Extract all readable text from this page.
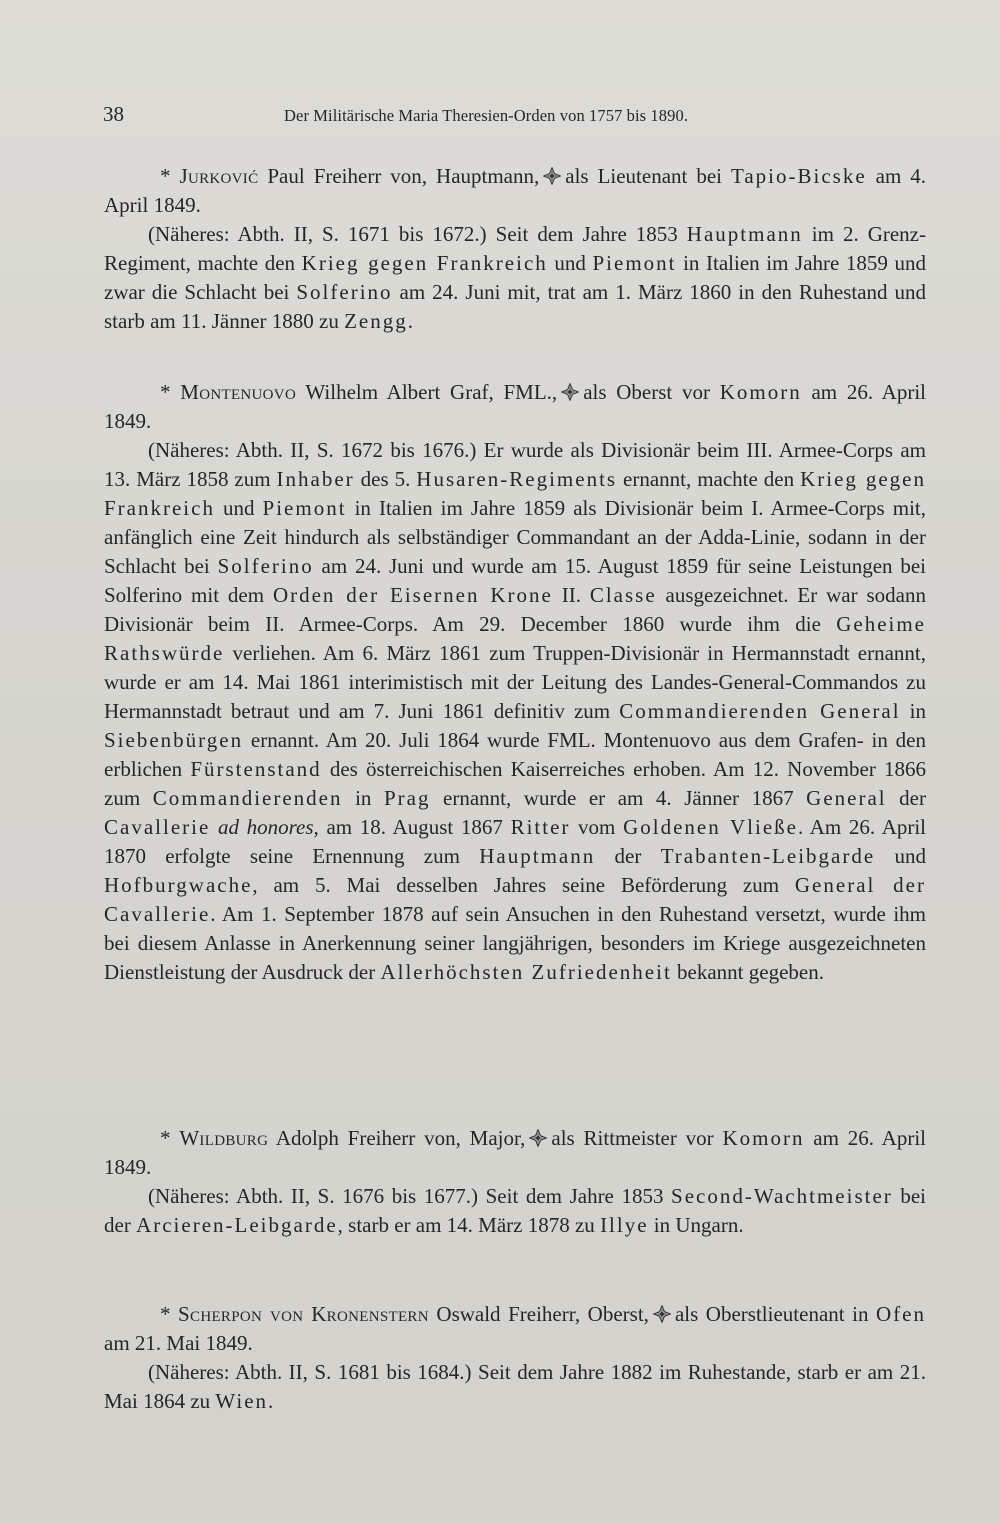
38	Der Militärische Maria Theresien-Orden von 1757 bis 1890.

* Jurković Paul Freiherr von, Hauptmann, als Lieutenant bei Tapio-Bicske am 4. April 1849.

(Näheres: Abth. II, S. 1671 bis 1672.) Seit dem Jahre 1853 Hauptmann im 2. Grenz-Regiment, machte den Krieg gegen Frankreich und Piemont in Italien im Jahre 1859 und zwar die Schlacht bei Solferino am 24. Juni mit, trat am 1. März 1860 in den Ruhestand und starb am 11. Jänner 1880 zu Zengg.

* Montenuovo Wilhelm Albert Graf, FML., als Oberst vor Komorn am 26. April 1849.

(Näheres: Abth. II, S. 1672 bis 1676.) Er wurde als Divisionär beim III. Armee-Corps am 13. März 1858 zum Inhaber des 5. Husaren-Regiments ernannt, machte den Krieg gegen Frankreich und Piemont in Italien im Jahre 1859 als Divisionär beim I. Armee-Corps mit, anfänglich eine Zeit hindurch als selbständiger Commandant an der Adda-Linie, sodann in der Schlacht bei Solferino am 24. Juni und wurde am 15. August 1859 für seine Leistungen bei Solferino mit dem Orden der Eisernen Krone II. Classe ausgezeichnet. Er war sodann Divisionär beim II. Armee-Corps. Am 29. December 1860 wurde ihm die Geheime Rathswürde verliehen. Am 6. März 1861 zum Truppen-Divisionär in Hermannstadt ernannt, wurde er am 14. Mai 1861 interimistisch mit der Leitung des Landes-General-Commandos zu Hermannstadt betraut und am 7. Juni 1861 definitiv zum Commandierenden General in Siebenbürgen ernannt. Am 20. Juli 1864 wurde FML. Montenuovo aus dem Grafen- in den erblichen Fürstenstand des österreichischen Kaiserreiches erhoben. Am 12. November 1866 zum Commandierenden in Prag ernannt, wurde er am 4. Jänner 1867 General der Cavallerie ad honores, am 18. August 1867 Ritter vom Goldenen Vließe. Am 26. April 1870 erfolgte seine Ernennung zum Hauptmann der Trabanten-Leibgarde und Hofburgwache, am 5. Mai desselben Jahres seine Beförderung zum General der Cavallerie. Am 1. September 1878 auf sein Ansuchen in den Ruhestand versetzt, wurde ihm bei diesem Anlasse in Anerkennung seiner langjährigen, besonders im Kriege ausgezeichneten Dienstleistung der Ausdruck der Allerhöchsten Zufriedenheit bekannt gegeben.

* Wildburg Adolph Freiherr von, Major, als Rittmeister vor Komorn am 26. April 1849.

(Näheres: Abth. II, S. 1676 bis 1677.) Seit dem Jahre 1853 Second-Wachtmeister bei der Arcieren-Leibgarde, starb er am 14. März 1878 zu Illye in Ungarn.

* Scherpon von Kronenstern Oswald Freiherr, Oberst, als Oberstlieutenant in Ofen am 21. Mai 1849.

(Näheres: Abth. II, S. 1681 bis 1684.) Seit dem Jahre 1882 im Ruhestande, starb er am 21. Mai 1864 zu Wien.
